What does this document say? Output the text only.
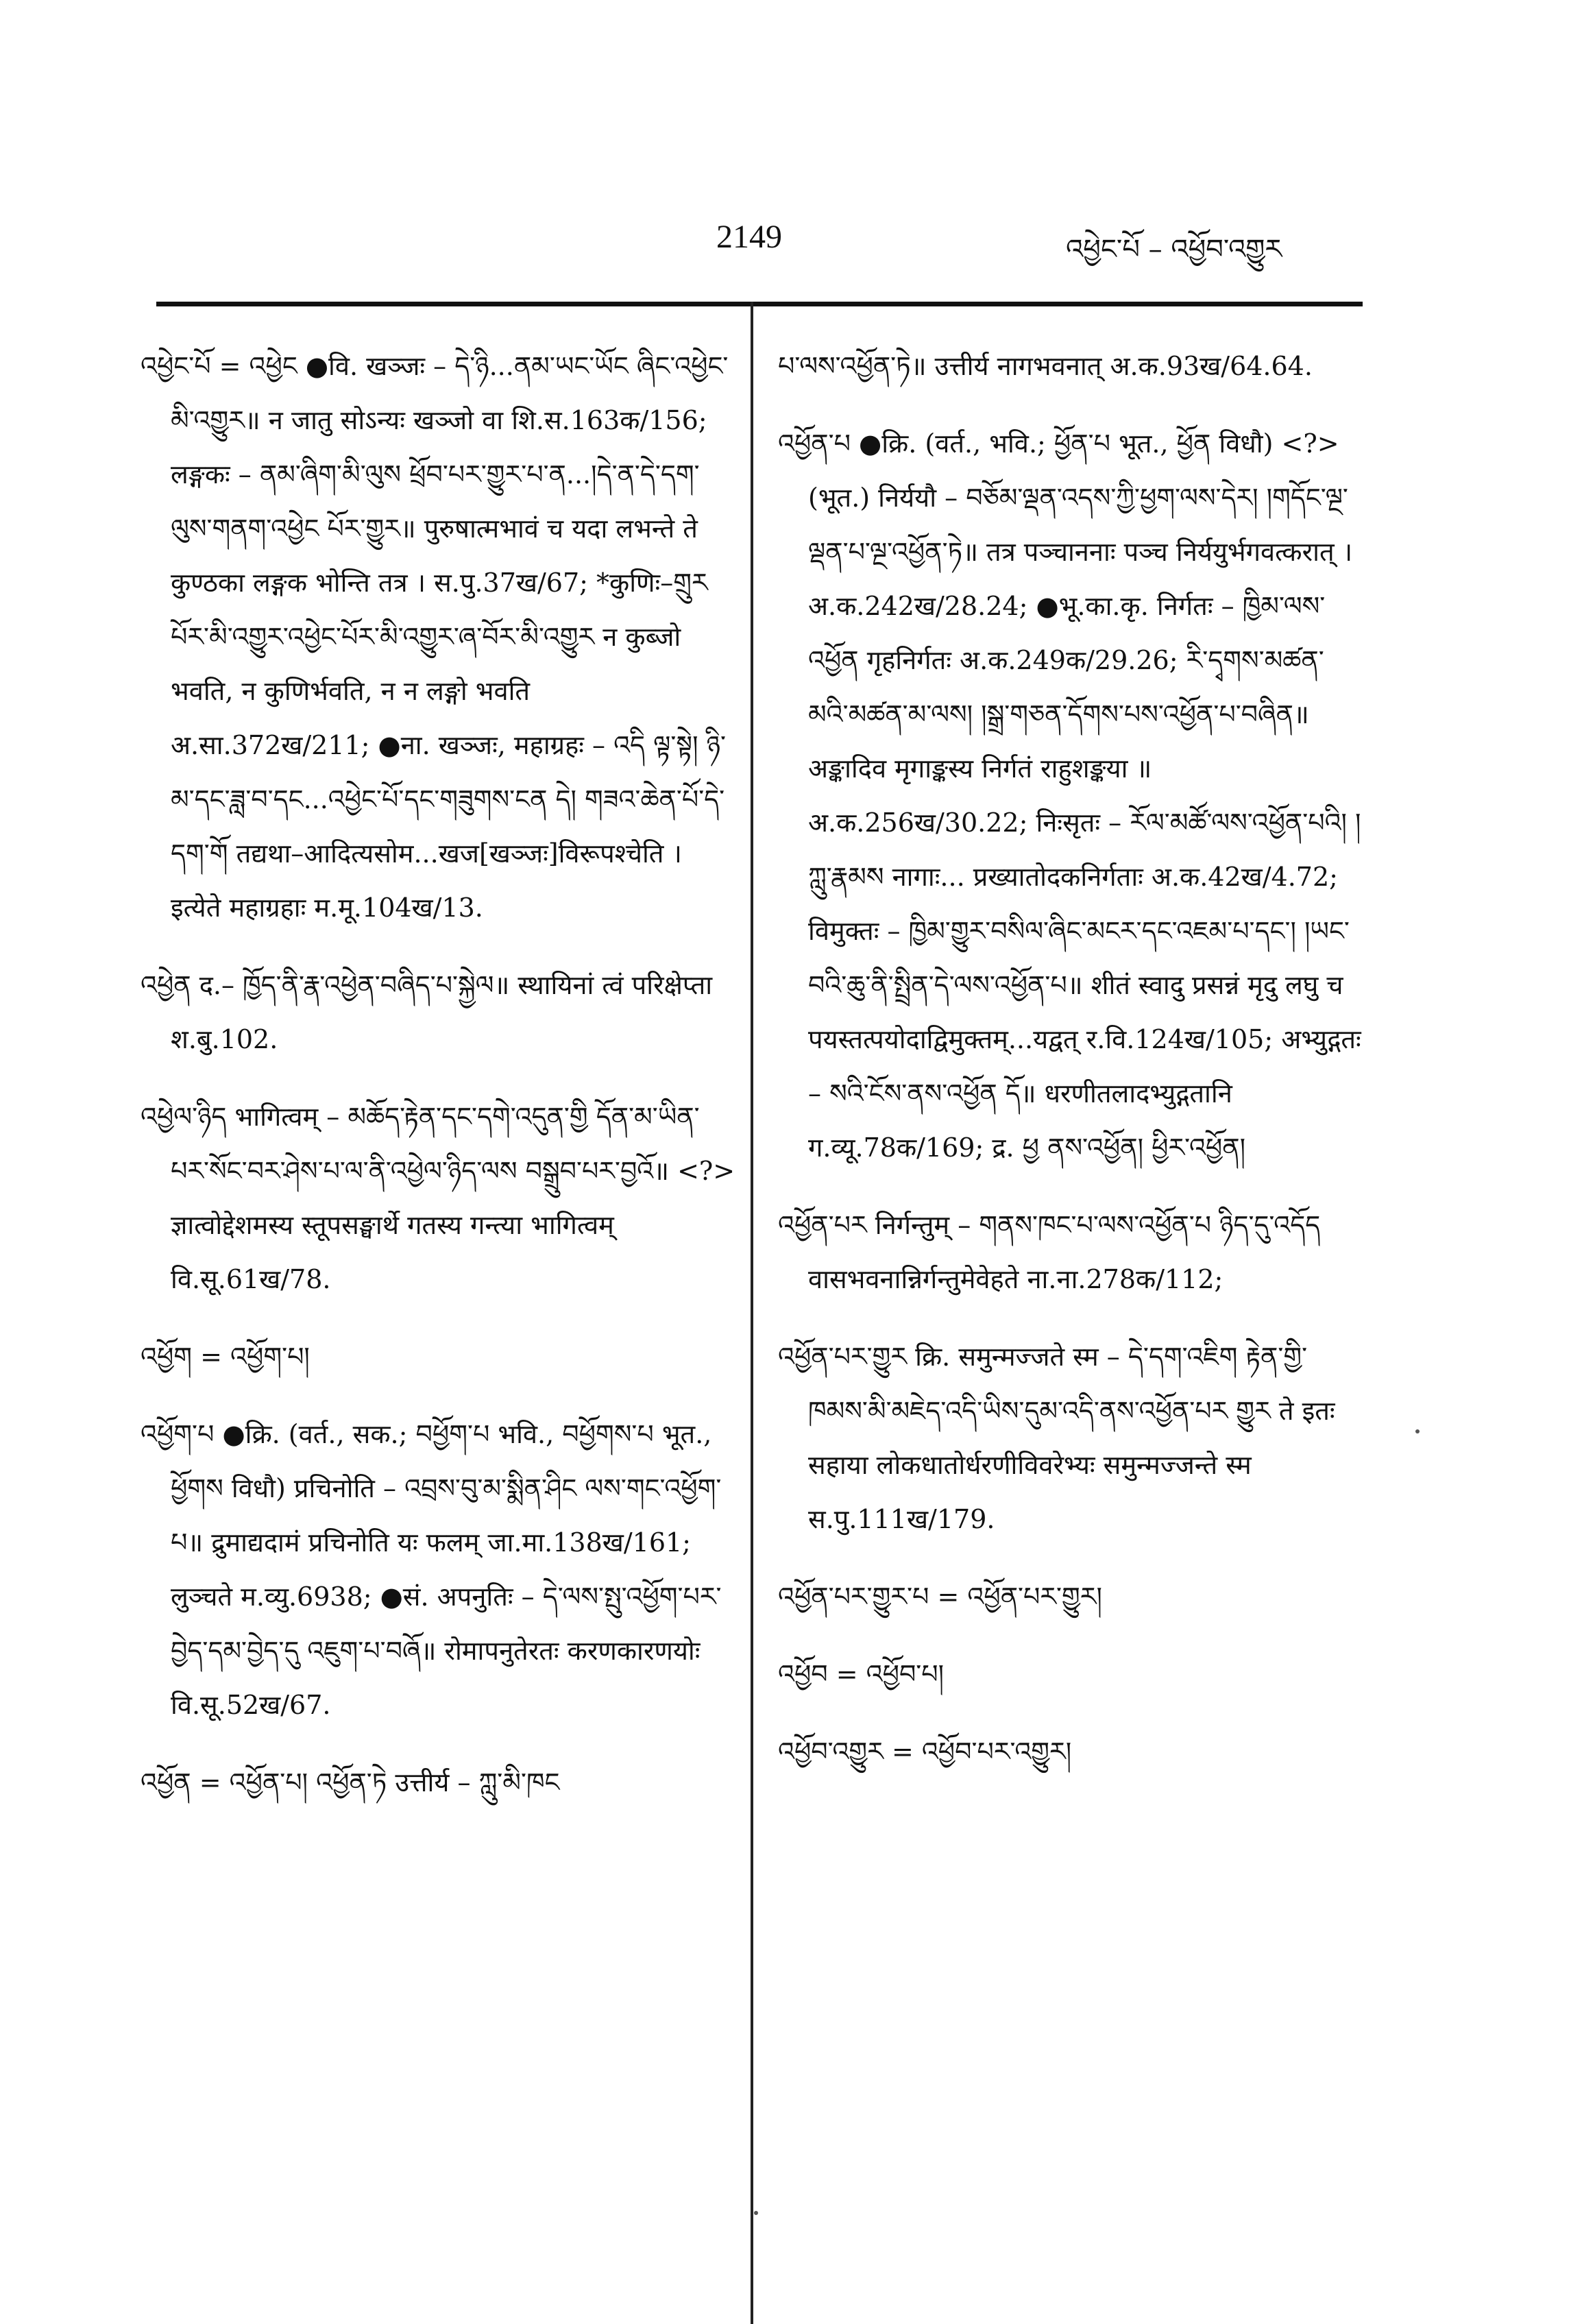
2149	འཕྱེང་པོ – འཕྱོབ་འགྱུར

འཕྱེང་པོ = འཕྱེང ●वि. खञ्जः – དེ་ཉི...ནམ་ཡང་ཡོང ཞིང་འཕྱེང་མི་འགྱུར॥ न जातु सोऽन्यः खञ्जो वा शि.स.163क/156; लङ्गकः – ནམ་ཞིག་མི་ལུས ཕྲོབ་པར་གྱུར་པ་ན...།དེ་ན་དེ་དག་ལུས་གནག་འཕྱེང པོར་གྱུར॥ पुरुषात्मभावं च यदा लभन्ते ते कुण्ठका लङ्गक भोन्ति तत्र । स.पु.37ख/67; *कुणिः–གྲུར པོར་མི་འགྱུར་འཕྱེང་པོར་མི་འགྱུར་ཞ་བོར་མི་འགྱུར न कुब्जो भवति, न कुणिर्भवति, न न लङ्गो भवति अ.सा.372ख/211; ●ना. खञ्जः, महाग्रहः – འདི ལྟ་སྟེ། ཉི་མ་དང་ཟླ་བ་དང...འཕྱེང་པོ་དང་གཟུགས་ངན དེ། གཟའ་ཆེན་པོ་དེ་དག་གོ तद्यथा–आदित्यसोम...खज[खञ्जः]विरूपश्चेति । इत्येते महाग्रहाः म.मू.104ख/13.

འཕྱེན द.– ཁྱོད་ནི་རྣ་འཕྱེན་བཞིད་པ་སྐྱེལ॥ स्थायिनां त्वं परिक्षेप्ता श.बु.102.

འཕྱེལ་ཉིད भागित्वम् – མཆོད་རྟེན་དང་དགེ་འདུན་གྱི དོན་མ་ཡིན་པར་སོང་བར་ཤེས་པ་ལ་ནི་འཕྱེལ་ཉིད་ལས བསྒྲུབ་པར་བྱའོ॥ <?> ज्ञात्वोद्देशमस्य स्तूपसङ्घार्थे गतस्य गन्त्या भागित्वम् वि.सू.61ख/78.

འཕྱོག = འཕྱོག་པ།

འཕྱོག་པ ●क्रि. (वर्त., सक.; བཕྱོག་པ भवि., བཕྱོགས་པ भूत., ཕྱོགས विधौ) प्रचिनोति – འབྲས་བུ་མ་སྨིན་ཤིང ལས་གང་འཕྱོག་པ॥ द्रुमाद्यदामं प्रचिनोति यः फलम् जा.मा.138ख/161; लुञ्चते म.व्यु.6938; ●सं. अपनुतिः – དེ་ལས་སྤུ་འཕྱོག་པར་བྱེད་དམ་བྱེད་དུ འཇུག་པ་བཞོ॥ रोमापनुतेरतः करणकारणयोः वि.सू.52ख/67.

འཕྱོན = འཕྱོན་པ། འཕྱོན་ཏེ उत्तीर्य – ཀླུ་མི་ཁང

པ་ལས་འཕྱོན་ཏེ॥ उत्तीर्य नागभवनात् अ.क.93ख/64.64.

འཕྱོན་པ ●क्रि. (वर्त., भवि.; ཕྱོན་པ भूत., ཕྱོན विधौ) <?> (भूत.) निर्ययौ – བཅོམ་ལྡན་འདས་ཀྱི་ཕྱག་ལས་དེར། །གདོང་ལྔ་ལྡན་པ་ལྔ་འཕྱོན་ཏེ॥ तत्र पञ्चाननाः पञ्च निर्ययुर्भगवत्करात् । अ.क.242ख/28.24; ●भू.का.कृ. निर्गतः – ཁྱིམ་ལས་འཕྱོན गृहनिर्गतः अ.क.249क/29.26; རི་དྭགས་མཚན་མའི་མཚན་མ་ལས། །སྒྲ་གཅན་དོགས་པས་འཕྱོན་པ་བཞིན॥ अङ्कादिव मृगाङ्कस्य निर्गतं राहुशङ्कया ॥ अ.क.256ख/30.22; निःसृतः – རོལ་མཚོ་ལས་འཕྱོན་པའི། །ཀླུ་རྣམས नागाः... प्रख्यातोदकनिर्गताः अ.क.42ख/4.72; विमुक्तः – ཁྱིམ་གྱུར་བསིལ་ཞིང་མངར་དང་འཇམ་པ་དང་། །ཡང་བའི་ཆུ་ནི་སྤྲིན་དེ་ལས་འཕྱོན་པ॥ शीतं स्वादु प्रसन्नं मृदु लघु च पयस्तत्पयोदाद्विमुक्तम्...यद्वत् र.वि.124ख/105; अभ्युद्गतः – སའི་ངོས་ནས་འཕྱོན དོ॥ धरणीतलादभ्युद्गतानि ग.व्यू.78क/169; द्र. ཕྱ ནས་འཕྱོན། ཕྱིར་འཕྱོན།

འཕྱོན་པར निर्गन्तुम् – གནས་ཁང་པ་ལས་འཕྱོན་པ ཉིད་དུ་འདོད वासभवनान्निर्गन्तुमेवेहते ना.ना.278क/112;

འཕྱོན་པར་གྱུར क्रि. समुन्मज्जते स्म – དེ་དག་འཇིག རྟེན་གྱི་ཁམས་མི་མཇེད་འདི་ཡིས་དུམ་འདི་ནས་འཕྱོན་པར གྱུར ते इतः सहाया लोकधातोर्धरणीविवरेभ्यः समुन्मज्जन्ते स्म स.पु.111ख/179.

འཕྱོན་པར་གྱུར་པ = འཕྱོན་པར་གྱུར།

འཕྱོབ = འཕྱོབ་པ།

འཕྱོབ་འགྱུར = འཕྱོབ་པར་འགྱུར།
